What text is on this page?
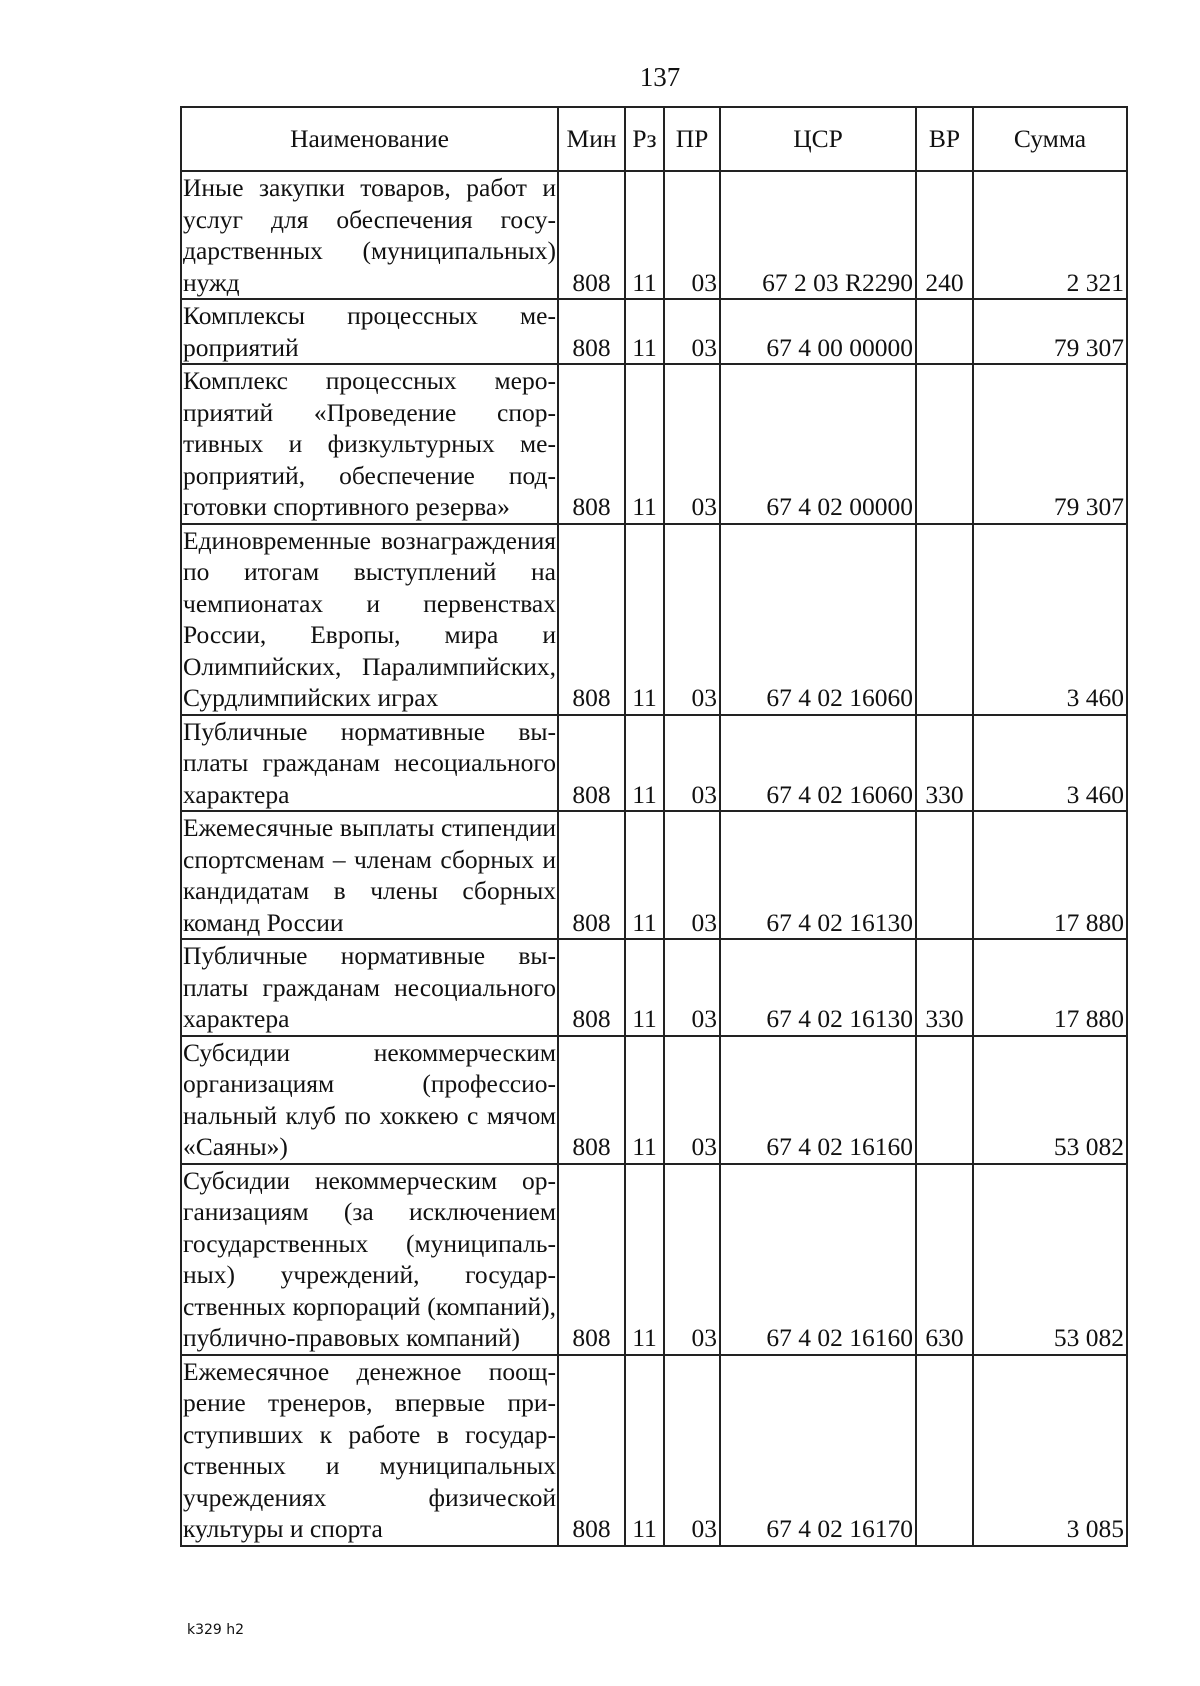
137
Наименование	Мин	Рз	ПР	ЦСР	ВР	Сумма
Иные закупки товаров, работ и услуг для обеспечения государственных (муниципальных) нужд	808	11	03	67 2 03 R2290	240	2 321
Комплексы процессных мероприятий	808	11	03	67 4 00 00000		79 307
Комплекс процессных мероприятий «Проведение спортивных и физкультурных мероприятий, обеспечение подготовки спортивного резерва»	808	11	03	67 4 02 00000		79 307
Единовременные вознаграждения по итогам выступлений на чемпионатах и первенствах России, Европы, мира и Олимпийских, Паралимпийских, Сурдлимпийских играх	808	11	03	67 4 02 16060		3 460
Публичные нормативные выплаты гражданам несоциального характера	808	11	03	67 4 02 16060	330	3 460
Ежемесячные выплаты стипендии спортсменам – членам сборных и кандидатам в члены сборных команд России	808	11	03	67 4 02 16130		17 880
Публичные нормативные выплаты гражданам несоциального характера	808	11	03	67 4 02 16130	330	17 880
Субсидии некоммерческим организациям (профессиональный клуб по хоккею с мячом «Саяны»)	808	11	03	67 4 02 16160		53 082
Субсидии некоммерческим организациям (за исключением государственных (муниципальных) учреждений, государственных корпораций (компаний), публично-правовых компаний)	808	11	03	67 4 02 16160	630	53 082
Ежемесячное денежное поощрение тренеров, впервые приступивших к работе в государственных и муниципальных учреждениях физической культуры и спорта	808	11	03	67 4 02 16170		3 085
k329 h2
